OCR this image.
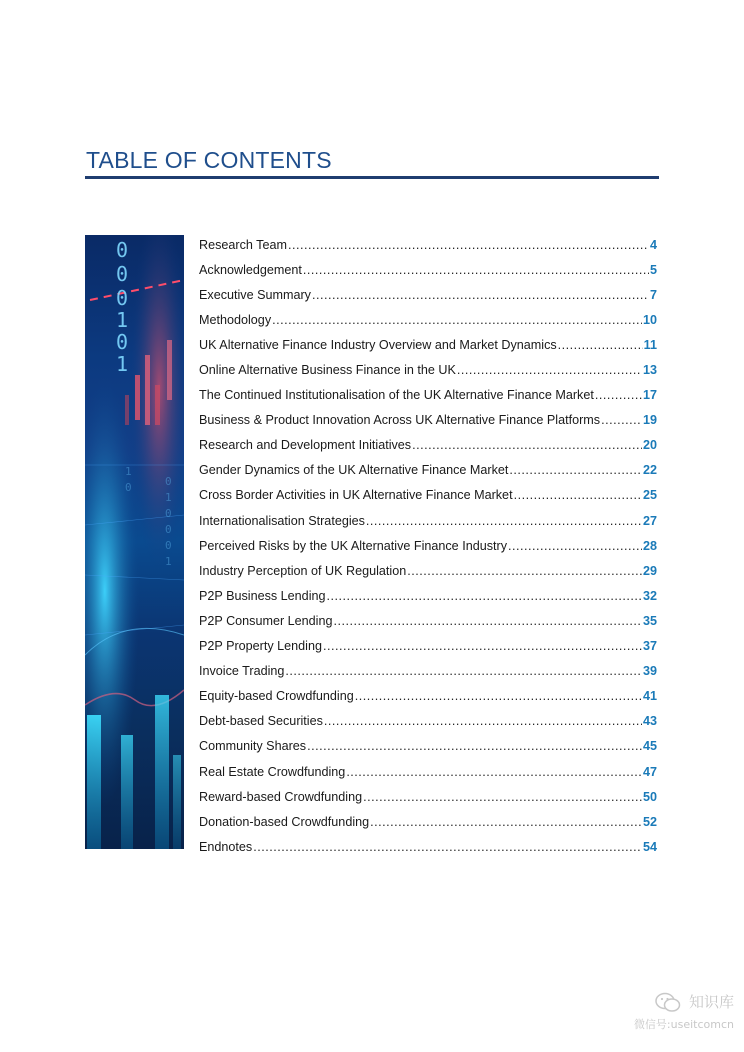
TABLE OF CONTENTS
0
0
0
1
0
1
0
1
0
0
0
1
1
0
Research Team .....	4
Acknowledgement .....	5
Executive Summary .....	7
Methodology .....	10
UK Alternative Finance Industry Overview and Market Dynamics .....	11
Online Alternative Business Finance in the UK .....	13
The Continued Institutionalisation of the UK Alternative Finance Market .....	17
Business & Product Innovation Across UK Alternative Finance Platforms .....	19
Research and Development Initiatives .....	20
Gender Dynamics of the UK Alternative Finance Market .....	22
Cross Border Activities in UK Alternative Finance Market .....	25
Internationalisation Strategies .....	27
Perceived Risks by the UK Alternative Finance Industry .....	28
Industry Perception of UK Regulation .....	29
P2P Business Lending .....	32
P2P Consumer Lending .....	35
P2P Property Lending .....	37
Invoice Trading .....	39
Equity-based Crowdfunding .....	41
Debt-based Securities .....	43
Community Shares .....	45
Real Estate Crowdfunding .....	47
Reward-based Crowdfunding .....	50
Donation-based Crowdfunding .....	52
Endnotes .....	54
知识库
微信号:useitcomcn
